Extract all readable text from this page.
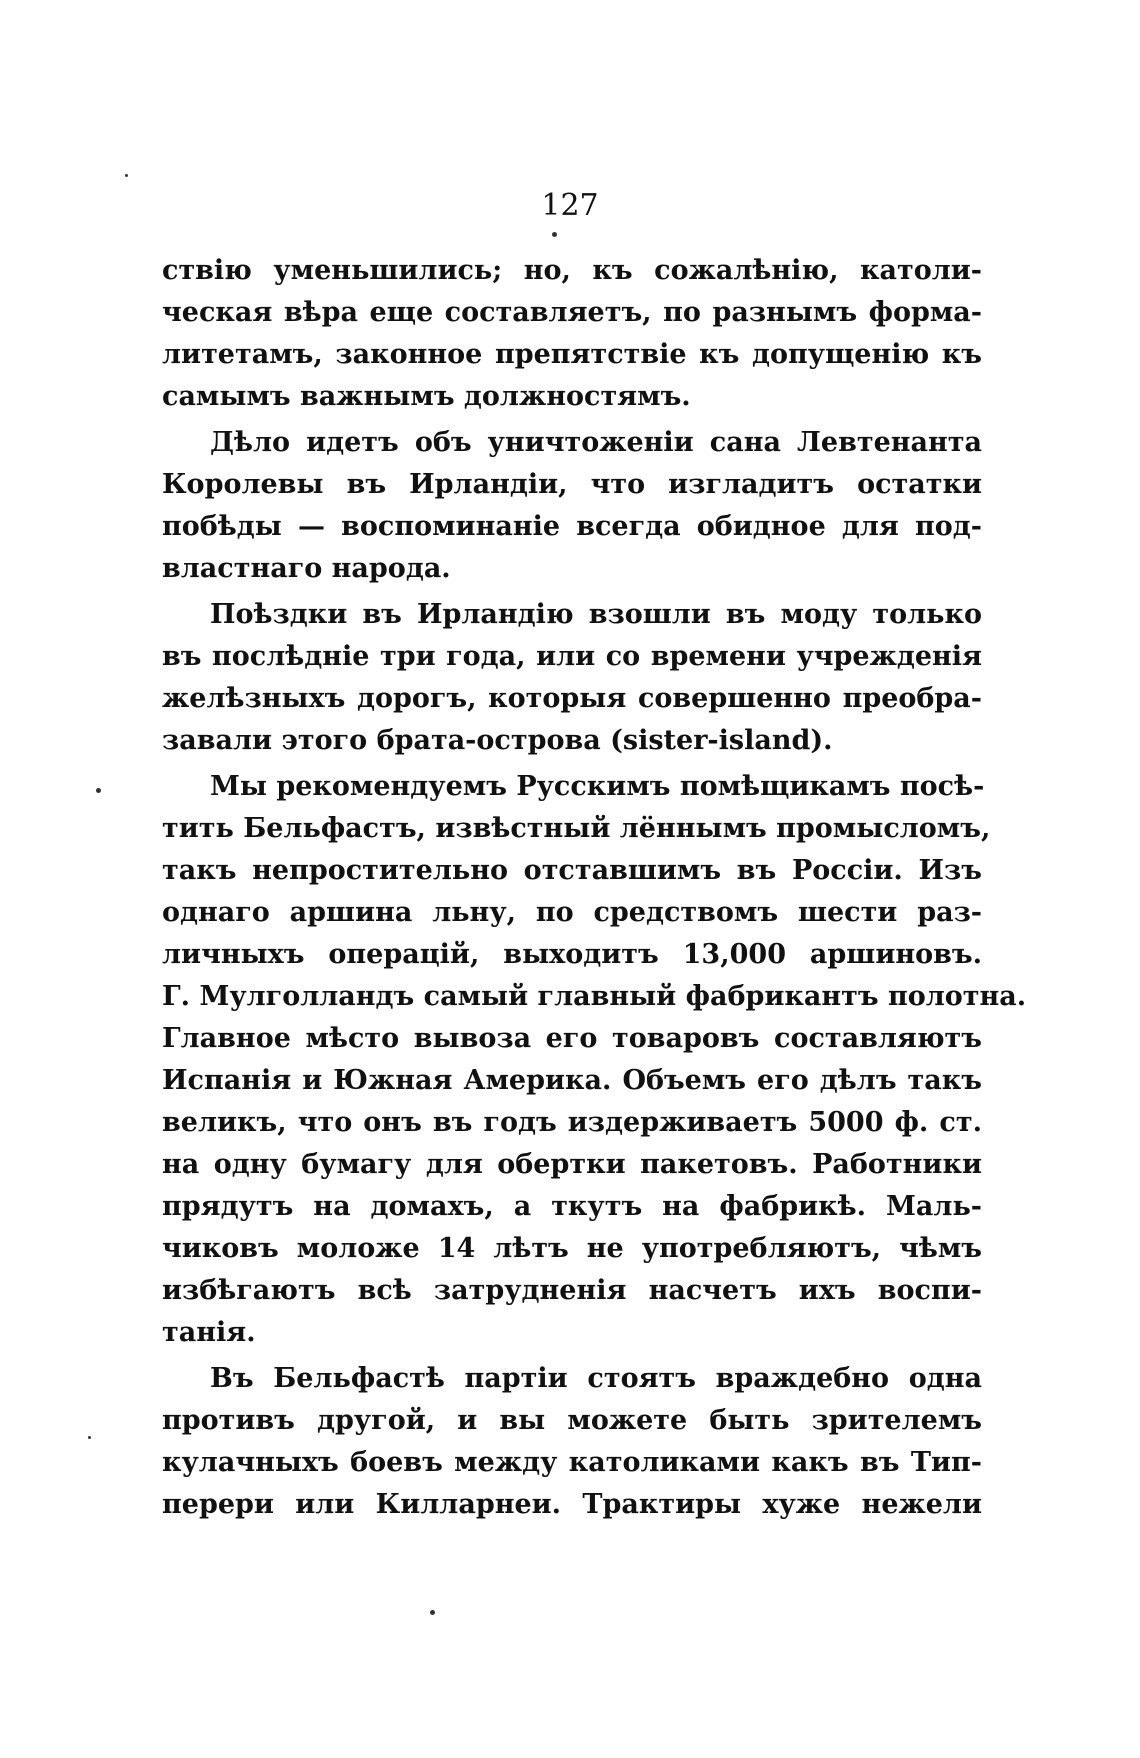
127
ствію уменьшились; но, къ сожалѣнію, католи-
ческая вѣра еще составляетъ, по разнымъ форма-
литетамъ, законное препятствіе къ допущенію къ
самымъ важнымъ должностямъ.
Дѣло идетъ объ уничтоженіи сана Левтенанта
Королевы въ Ирландіи, что изгладитъ остатки
побѣды — воспоминаніе всегда обидное для под-
властнаго народа.
Поѣздки въ Ирландію взошли въ моду только
въ послѣдніе три года, или со времени учрежденія
желѣзныхъ дорогъ, которыя совершенно преобра-
завали этого брата-острова (sister-island).
Мы рекомендуемъ Русскимъ помѣщикамъ посѣ-
тить Бельфастъ, извѣстный лённымъ промысломъ,
такъ непростительно отставшимъ въ Россіи. Изъ
однаго аршина льну, по средствомъ шести раз-
личныхъ операцій, выходитъ 13,000 аршиновъ.
Г. Мулголландъ самый главный фабрикантъ полотна.
Главное мѣсто вывоза его товаровъ составляютъ
Испанія и Южная Америка. Объемъ его дѣлъ такъ
великъ, что онъ въ годъ издерживаетъ 5000 ф. ст.
на одну бумагу для обертки пакетовъ. Работники
прядутъ на домахъ, а ткутъ на фабрикѣ. Маль-
чиковъ моложе 14 лѣтъ не употребляютъ, чѣмъ
избѣгаютъ всѣ затрудненія насчетъ ихъ воспи-
танія.
Въ Бельфастѣ партіи стоятъ враждебно одна
противъ другой, и вы можете быть зрителемъ
кулачныхъ боевъ между католиками какъ въ Тип-
перери или Килларнеи. Трактиры хуже нежели
